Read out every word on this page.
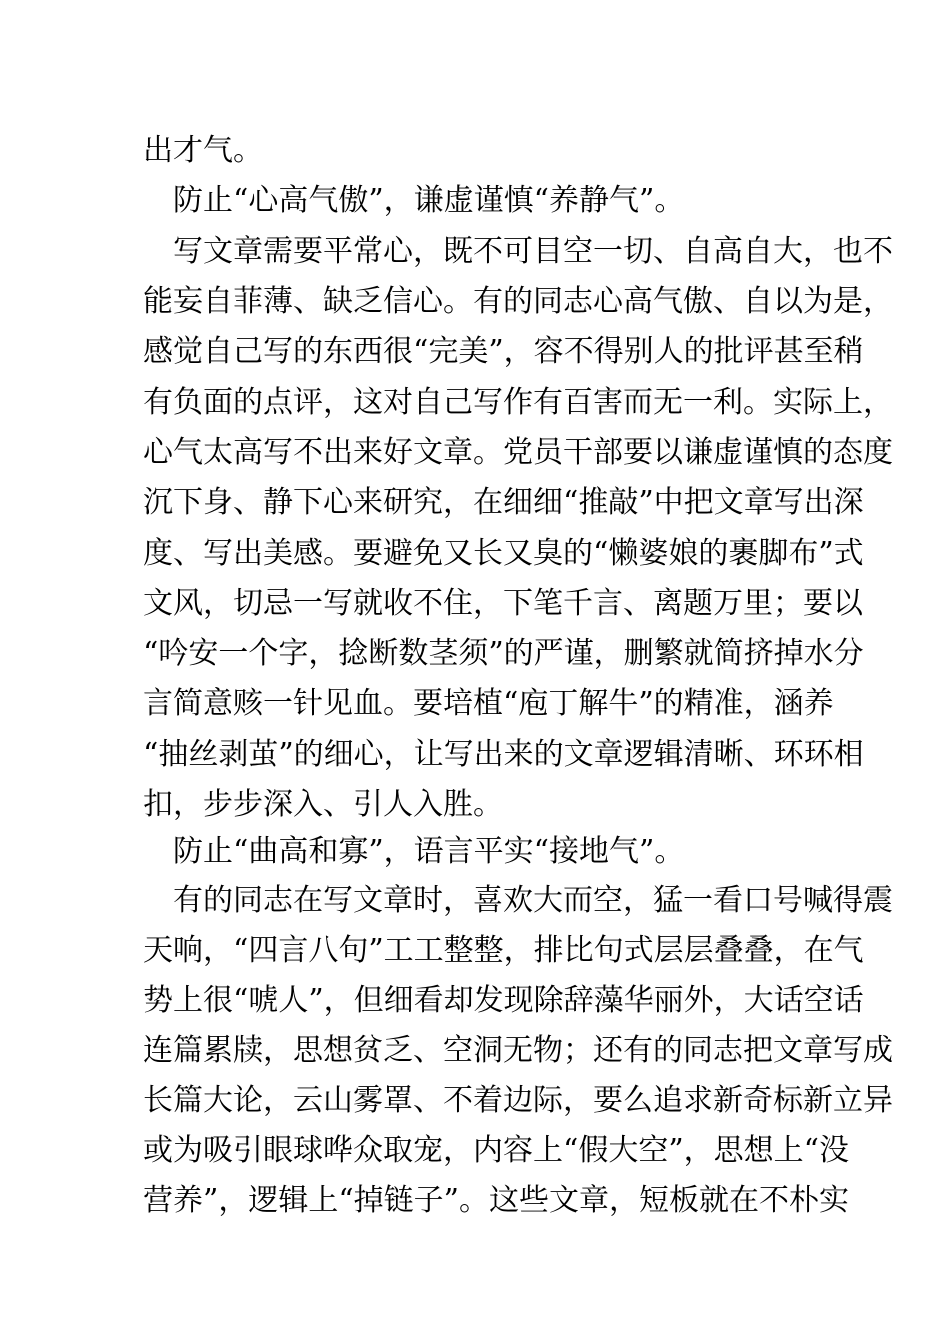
出才气。
　防止“心高气傲”，谦虚谨慎“养静气”。
　写文章需要平常心，既不可目空一切、自高自大，也不
能妄自菲薄、缺乏信心。有的同志心高气傲、自以为是，
感觉自己写的东西很“完美”，容不得别人的批评甚至稍
有负面的点评，这对自己写作有百害而无一利。实际上，
心气太高写不出来好文章。党员干部要以谦虚谨慎的态度
沉下身、静下心来研究，在细细“推敲”中把文章写出深
度、写出美感。要避免又长又臭的“懒婆娘的裹脚布”式
文风，切忌一写就收不住，下笔千言、离题万里；要以
“吟安一个字，捻断数茎须”的严谨，删繁就简挤掉水分
言简意赅一针见血。要培植“庖丁解牛”的精准，涵养
“抽丝剥茧”的细心，让写出来的文章逻辑清晰、环环相
扣，步步深入、引人入胜。
　防止“曲高和寡”，语言平实“接地气”。
　有的同志在写文章时，喜欢大而空，猛一看口号喊得震
天响，“四言八句”工工整整，排比句式层层叠叠，在气
势上很“唬人”，但细看却发现除辞藻华丽外，大话空话
连篇累牍，思想贫乏、空洞无物；还有的同志把文章写成
长篇大论，云山雾罩、不着边际，要么追求新奇标新立异
或为吸引眼球哗众取宠，内容上“假大空”，思想上“没
营养”，逻辑上“掉链子”。这些文章，短板就在不朴实
